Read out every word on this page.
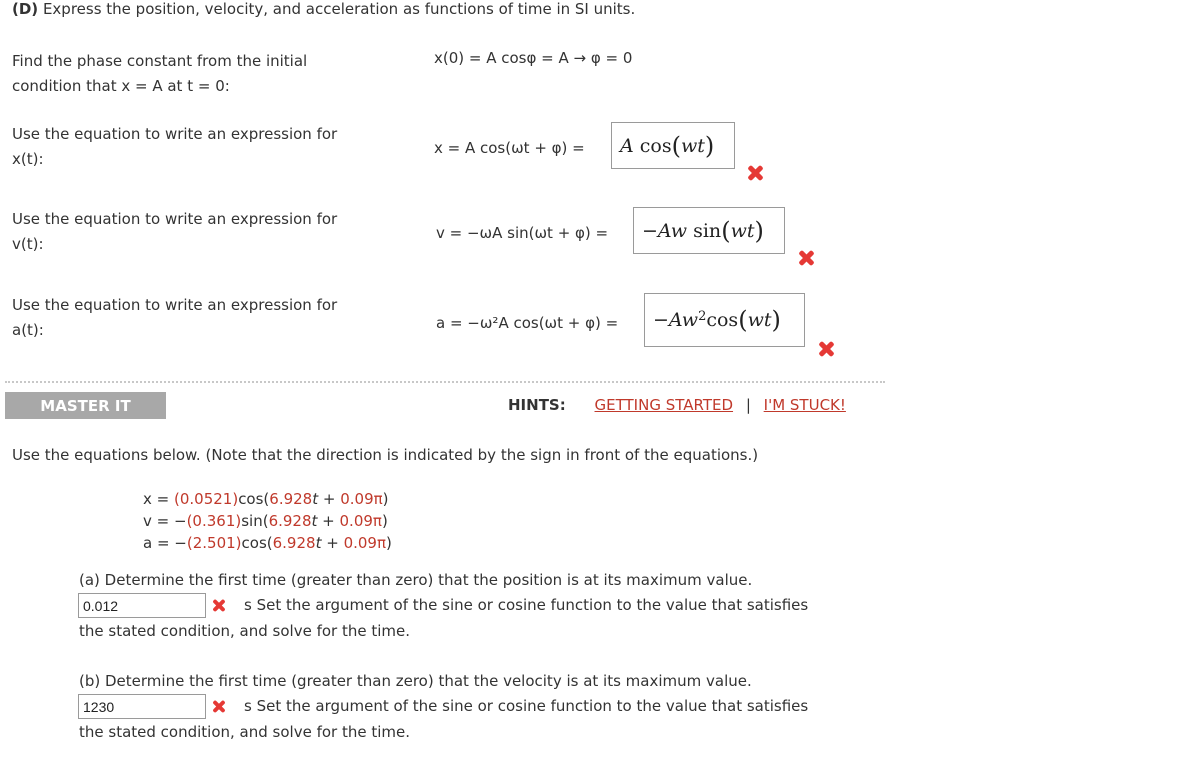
(D) Express the position, velocity, and acceleration as functions of time in SI units.
Find the phase constant from the initial
condition that x = A at t = 0:
x(0) = A cosφ = A → φ = 0
Use the equation to write an expression for
x(t):
x = A cos(ωt + φ) = A
cos ( wt )
Use the equation to write an expression for
v(t):
v = −ωA sin(ωt + φ) = −Aw
sin ( wt )
Use the equation to write an expression for
a(t):	a = −ω²A $\cos(\omega t + \varphi) = -Aw^2$ cos ( wt )
MASTER IT	HINTS: GETTING STARTED | I'M STUCK!
Use the equations below. (Note that the direction is indicated by the sign in front of the equations.)
x = (0.0521)cos(6.928t + 0.09π)
v = −(0.361)sin(6.928t + 0.09π)
a = −(2.501)cos(6.928t + 0.09π)
(a) Determine the first time (greater than zero) that the position is at its maximum value.
0.012
s Set the argument of the sine or cosine function to the value that satisfies
the stated condition, and solve for the time.
(b) Determine the first time (greater than zero) that the velocity is at its maximum value.
1230
s Set the argument of the sine or cosine function to the value that satisfies
the stated condition, and solve for the time.
